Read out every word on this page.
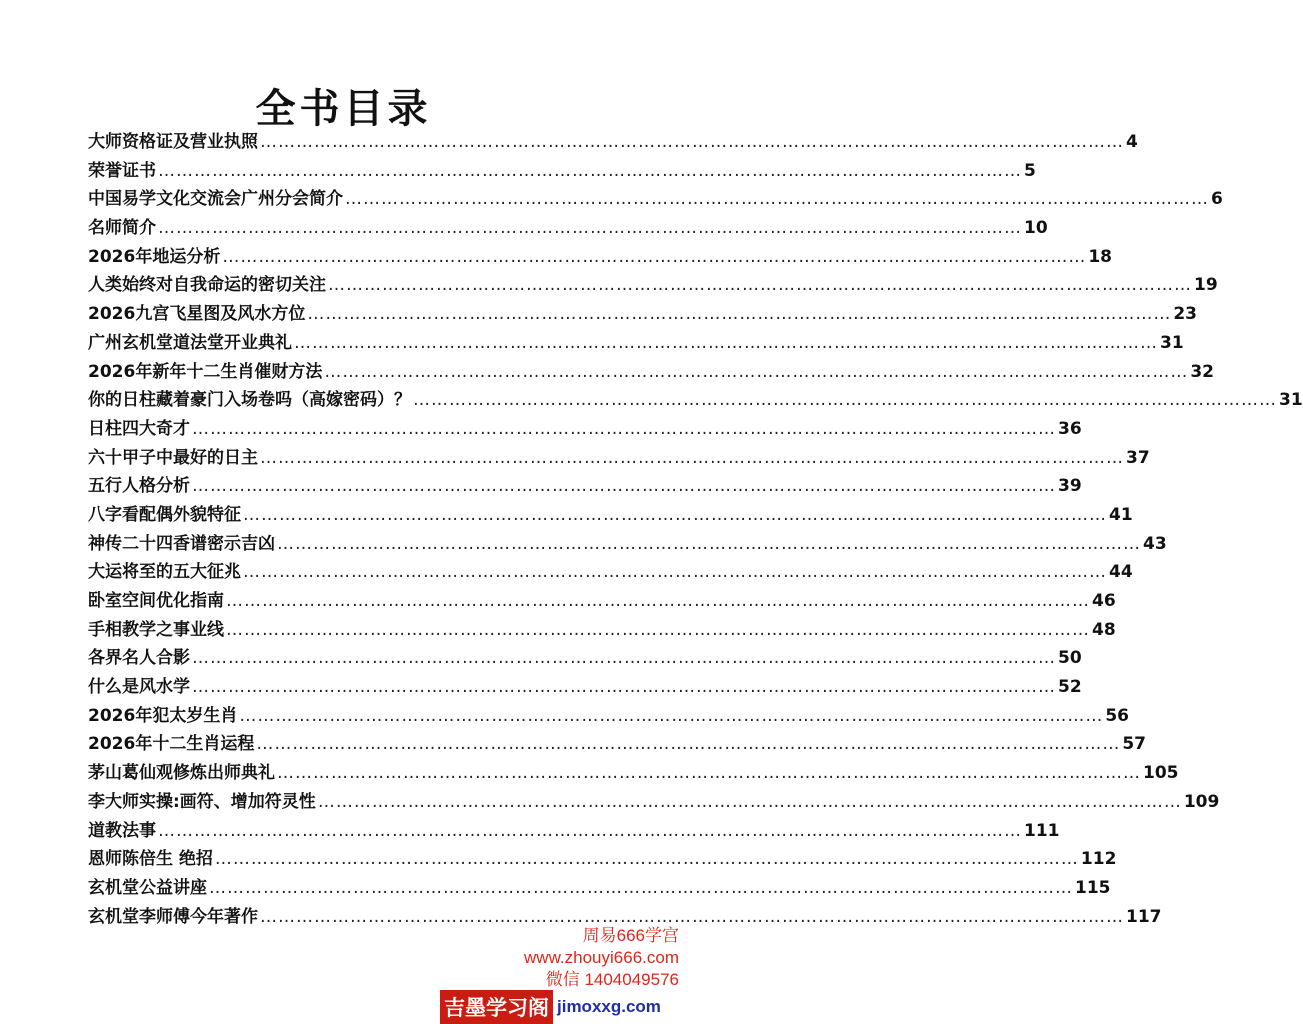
全书目录
大师资格证及营业执照 ……………………………………………………………………………………………………………………………… 4
荣誉证书 ……………………………………………………………………………………………………………………………… 5
中国易学文化交流会广州分会简介 ……………………………………………………………………………………………………………………………… 6
名师简介 ……………………………………………………………………………………………………………………………… 10
2026年地运分析 ……………………………………………………………………………………………………………………………… 18
人类始终对自我命运的密切关注 ……………………………………………………………………………………………………………………………… 19
2026九宫飞星图及风水方位 ……………………………………………………………………………………………………………………………… 23
广州玄机堂道法堂开业典礼 ……………………………………………………………………………………………………………………………… 31
2026年新年十二生肖催财方法 ……………………………………………………………………………………………………………………………… 32
你的日柱藏着豪门入场卷吗（高嫁密码）？ ……………………………………………………………………………………………………………………………… 31
日柱四大奇才 ……………………………………………………………………………………………………………………………… 36
六十甲子中最好的日主 ……………………………………………………………………………………………………………………………… 37
五行人格分析 ……………………………………………………………………………………………………………………………… 39
八字看配偶外貌特征 ……………………………………………………………………………………………………………………………… 41
神传二十四香谱密示吉凶 ……………………………………………………………………………………………………………………………… 43
大运将至的五大征兆 ……………………………………………………………………………………………………………………………… 44
卧室空间优化指南 ……………………………………………………………………………………………………………………………… 46
手相教学之事业线 ……………………………………………………………………………………………………………………………… 48
各界名人合影 ……………………………………………………………………………………………………………………………… 50
什么是风水学 ……………………………………………………………………………………………………………………………… 52
2026年犯太岁生肖 ……………………………………………………………………………………………………………………………… 56
2026年十二生肖运程 ……………………………………………………………………………………………………………………………… 57
茅山葛仙观修炼出师典礼 ……………………………………………………………………………………………………………………………… 105
李大师实操:画符、增加符灵性 ……………………………………………………………………………………………………………………………… 109
道教法事 ……………………………………………………………………………………………………………………………… 111
恩师陈倍生 绝招 ……………………………………………………………………………………………………………………………… 112
玄机堂公益讲座 ……………………………………………………………………………………………………………………………… 115
玄机堂李师傅今年著作 ……………………………………………………………………………………………………………………………… 117
周易666学宫
www.zhouyi666.com
微信 1404049576
吉墨学习阁 jimoxxg.com
